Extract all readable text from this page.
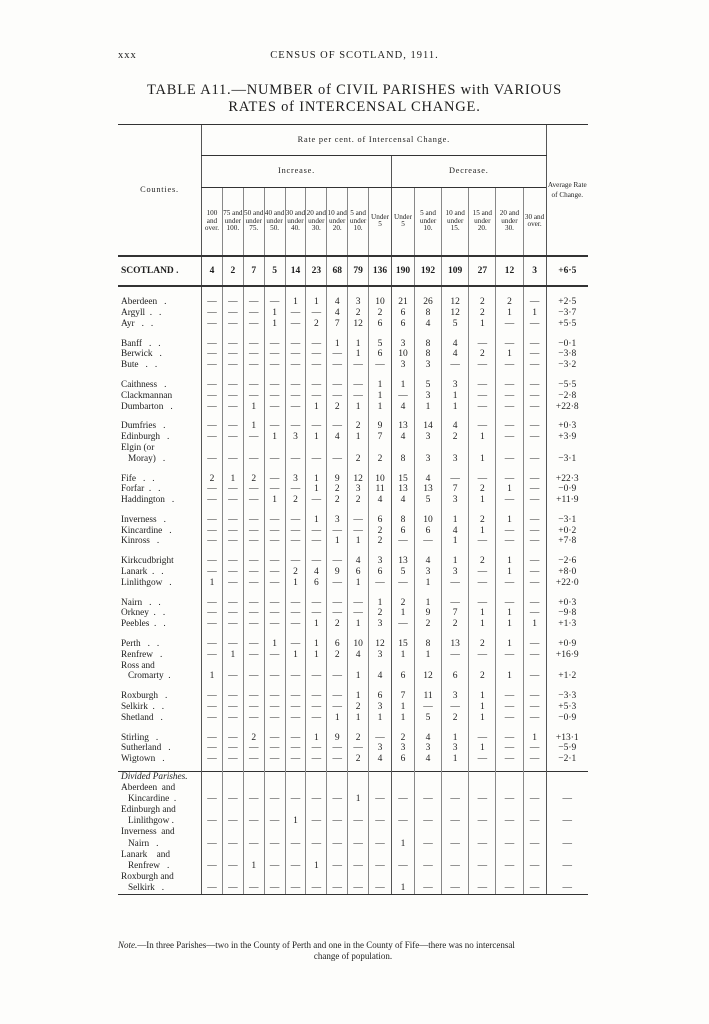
xxx	CENSUS OF SCOTLAND, 1911.
TABLE A11.—NUMBER of CIVIL PARISHES with VARIOUS
RATES of INTERCENSAL CHANGE.
Counties.	Rate per cent. of Intercensal Change.															Average Rate of Change.
	Increase.									Decrease.						
	100 and over.	75 and under 100.	50 and under 75.	40 and under 50.	30 and under 40.	20 and under 30.	10 and under 20.	5 and under 10.	Under 5	Under 5	5 and under 10.	10 and under 15.	15 and under 20.	20 and under 30.	30 and over.	
SCOTLAND .	4	2	7	5	14	23	68	79	136	190	192	109	27	12	3	+6·5

Aberdeen   .	—	—	—	—	1	1	4	3	10	21	26	12	2	2	—	+2·5
Argyll  .   .	—	—	—	1	—	—	4	2	2	6	8	12	2	1	1	−3·7
Ayr   .   .	—	—	—	1	—	2	7	12	6	6	4	5	1	—	—	+5·5

Banff   .   .	—	—	—	—	—	—	1	1	5	3	8	4	—	—	—	−0·1
Berwick   .	—	—	—	—	—	—	—	1	6	10	8	4	2	1	—	−3·8
Bute   .   .	—	—	—	—	—	—	—	—	—	3	3	—	—	—	—	−3·2

Caithness   .	—	—	—	—	—	—	—	—	1	1	5	3	—	—	—	−5·5
Clackmannan	—	—	—	—	—	—	—	—	1	—	3	1	—	—	—	−2·8
Dumbarton   .	—	—	1	—	—	1	2	1	1	4	1	1	—	—	—	+22·8

Dumfries   .	—	—	1	—	—	—	—	2	9	13	14	4	—	—	—	+0·3
Edinburgh   .	—	—	—	1	3	1	4	1	7	4	3	2	1	—	—	+3·9
Elgin (or																
Moray)   .	—	—	—	—	—	—	—	2	2	8	3	3	1	—	—	−3·1

Fife   .   .	2	1	2	—	3	1	9	12	10	15	4	—	—	—	—	+22·3
Forfar  .   .	—	—	—	—	—	1	2	3	11	13	13	7	2	1	—	−0·9
Haddington   .	—	—	—	1	2	—	2	2	4	4	5	3	1	—	—	+11·9

Inverness   .	—	—	—	—	—	1	3	—	6	8	10	1	2	1	—	−3·1
Kincardine   .	—	—	—	—	—	—	—	—	2	6	6	4	1	—	—	+0·2
Kinross   .	—	—	—	—	—	—	1	1	2	—	—	1	—	—	—	+7·8

Kirkcudbright	—	—	—	—	—	—	—	4	3	13	4	1	2	1	—	−2·6
Lanark  .   .	—	—	—	—	2	4	9	6	6	5	3	3	—	1	—	+8·0
Linlithgow   .	1	—	—	—	1	6	—	1	—	—	1	—	—	—	—	+22·0

Nairn   .   .	—	—	—	—	—	—	—	—	1	2	1	—	—	—	—	+0·3
Orkney  .   .	—	—	—	—	—	—	—	—	2	1	9	7	1	1	—	−9·8
Peebles  .   .	—	—	—	—	—	1	2	1	3	—	2	2	1	1	1	+1·3

Perth   .   .	—	—	—	1	—	1	6	10	12	15	8	13	2	1	—	+0·9
Renfrew   .	—	1	—	—	1	1	2	4	3	1	1	—	—	—	—	+16·9
Ross and																
Cromarty  .	1	—	—	—	—	—	—	1	4	6	12	6	2	1	—	+1·2

Roxburgh   .	—	—	—	—	—	—	—	1	6	7	11	3	1	—	—	−3·3
Selkirk  .   .	—	—	—	—	—	—	—	2	3	1	—	—	1	—	—	+5·3
Shetland   .	—	—	—	—	—	—	1	1	1	1	5	2	1	—	—	−0·9

Stirling   .	—	—	2	—	—	1	9	2	—	2	4	1	—	—	1	+13·1
Sutherland   .	—	—	—	—	—	—	—	—	3	3	3	3	1	—	—	−5·9
Wigtown   .	—	—	—	—	—	—	—	2	4	6	4	1	—	—	—	−2·1

Divided Parishes.																
Aberdeen  and																
Kincardine  .	—	—	—	—	—	—	—	1	—	—	—	—	—	—	—	—
Edinburgh and																
Linlithgow .	—	—	—	—	1	—	—	—	—	—	—	—	—	—	—	—
Inverness  and																
Nairn   .	—	—	—	—	—	—	—	—	—	1	—	—	—	—	—	—
Lanark    and																
Renfrew   .	—	—	1	—	—	1	—	—	—	—	—	—	—	—	—	—
Roxburgh and																
Selkirk   .	—	—	—	—	—	—	—	—	—	1	—	—	—	—	—	—
Note.—In three Parishes—two in the County of Perth and one in the County of Fife—there was no intercensal
change of population.
